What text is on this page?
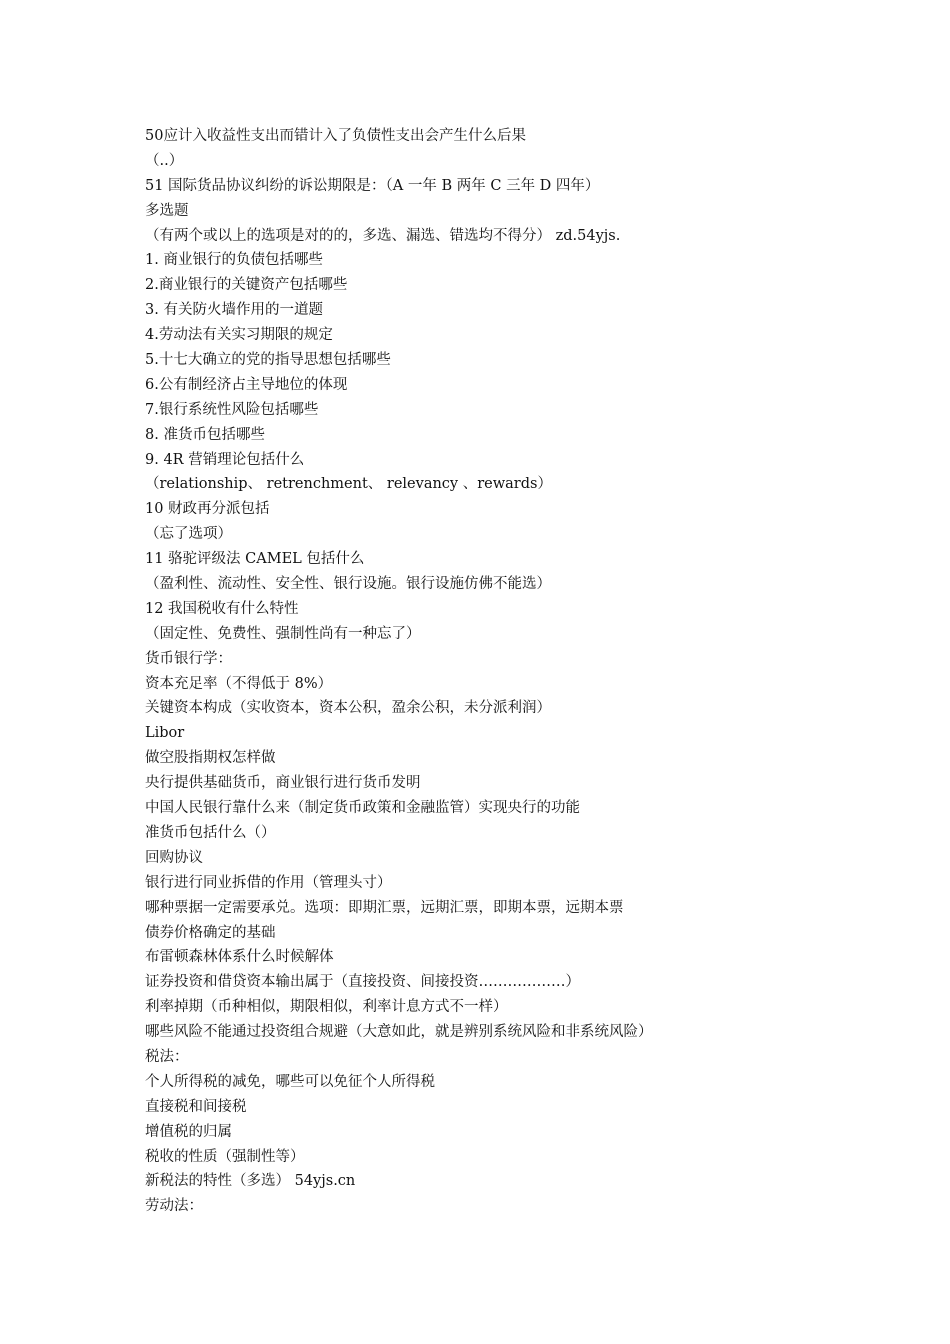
50应计入收益性支出而错计入了负债性支出会产生什么后果
（..）
51 国际货品协议纠纷的诉讼期限是：（A 一年 B 两年 C 三年 D 四年）
多选题
（有两个或以上的选项是对的的，多选、漏选、错选均不得分） zd.54yjs.
1. 商业银行的负债包括哪些
2.商业银行的关键资产包括哪些
3. 有关防火墙作用的一道题
4.劳动法有关实习期限的规定
5.十七大确立的党的指导思想包括哪些
6.公有制经济占主导地位的体现
7.银行系统性风险包括哪些
8. 准货币包括哪些
9. 4R 营销理论包括什么
（relationship、 retrenchment、 relevancy 、rewards）
10 财政再分派包括
（忘了选项）
11 骆驼评级法 CAMEL 包括什么
（盈利性、流动性、安全性、银行设施。银行设施仿佛不能选）
12 我国税收有什么特性
（固定性、免费性、强制性尚有一种忘了）
货币银行学：
资本充足率（不得低于 8%）
关键资本构成（实收资本，资本公积，盈余公积，未分派利润）
Libor
做空股指期权怎样做
央行提供基础货币，商业银行进行货币发明
中国人民银行靠什么来（制定货币政策和金融监管）实现央行的功能
准货币包括什么（）
回购协议
银行进行同业拆借的作用（管理头寸）
哪种票据一定需要承兑。选项：即期汇票，远期汇票，即期本票，远期本票
债券价格确定的基础
布雷顿森林体系什么时候解体
证券投资和借贷资本输出属于（直接投资、间接投资………………）
利率掉期（币种相似，期限相似，利率计息方式不一样）
哪些风险不能通过投资组合规避（大意如此，就是辨别系统风险和非系统风险）
税法：
个人所得税的减免，哪些可以免征个人所得税
直接税和间接税
增值税的归属
税收的性质（强制性等）
新税法的特性（多选） 54yjs.cn
劳动法：
